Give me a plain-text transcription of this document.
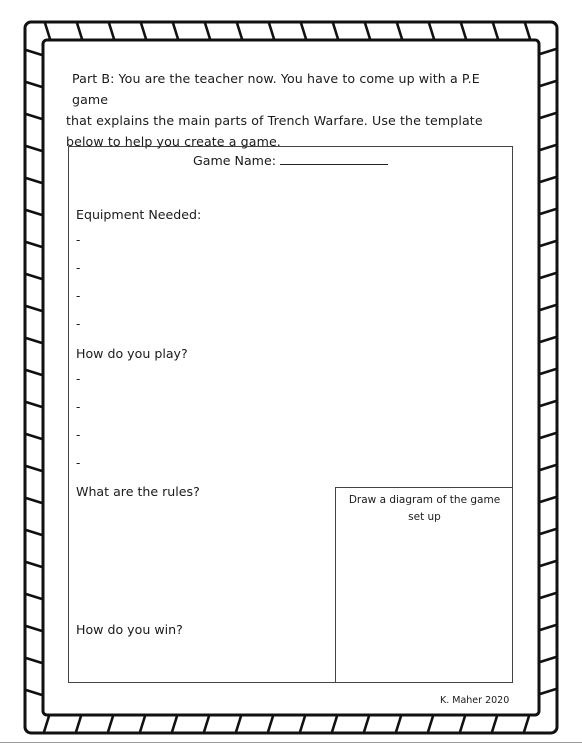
Part B: You are the teacher now. You have to come up with a P.E game
that explains the main parts of Trench Warfare. Use the template
below to help you create a game.
Game Name:
Equipment Needed:
-
-
-
-
How do you play?
-
-
-
-
What are the rules?
How do you win?
Draw a diagram of the game set up
K. Maher 2020
